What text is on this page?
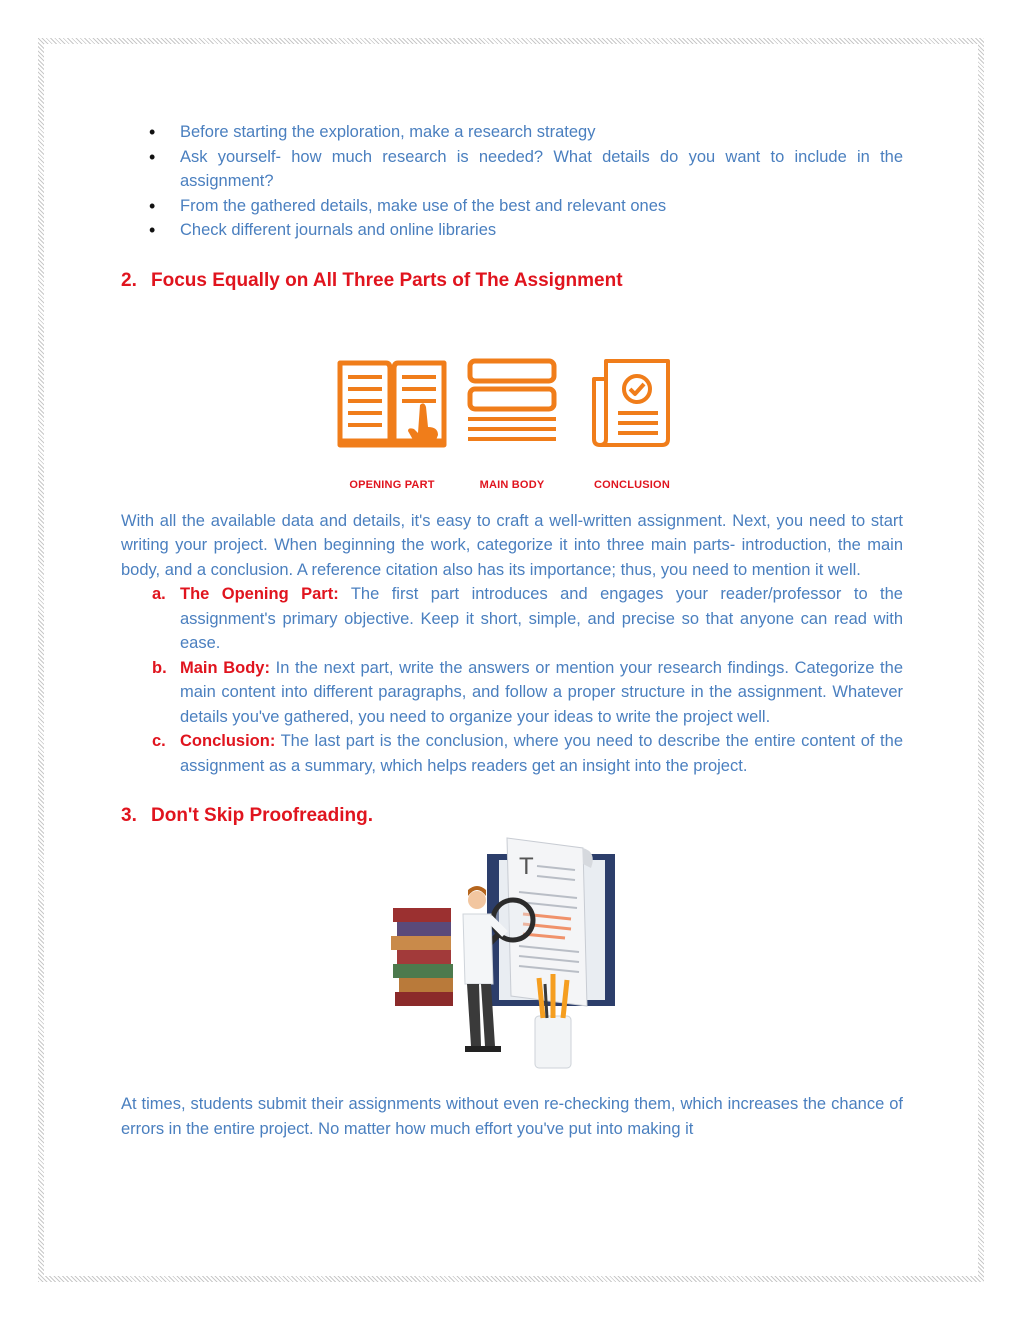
• Before starting the exploration, make a research strategy
• Ask yourself- how much research is needed? What details do you want to include in the assignment?
• From the gathered details, make use of the best and relevant ones
• Check different journals and online libraries
2. Focus Equally on All Three Parts of The Assignment
OPENING PART	MAIN BODY	CONCLUSION

With all the available data and details, it's easy to craft a well-written assignment. Next, you need to start writing your project. When beginning the work, categorize it into three main parts- introduction, the main body, and a conclusion. A reference citation also has its importance; thus, you need to mention it well.

a. The Opening Part: The first part introduces and engages your reader/professor to the assignment's primary objective. Keep it short, simple, and precise so that anyone can read with ease.
b. Main Body: In the next part, write the answers or mention your research findings. Categorize the main content into different paragraphs, and follow a proper structure in the assignment. Whatever details you've gathered, you need to organize your ideas to write the project well.
c. Conclusion: The last part is the conclusion, where you need to describe the entire content of the assignment as a summary, which helps readers get an insight into the project.
3. Don't Skip Proofreading.
T

At times, students submit their assignments without even re-checking them, which increases the chance of errors in the entire project. No matter how much effort you've put into making it
